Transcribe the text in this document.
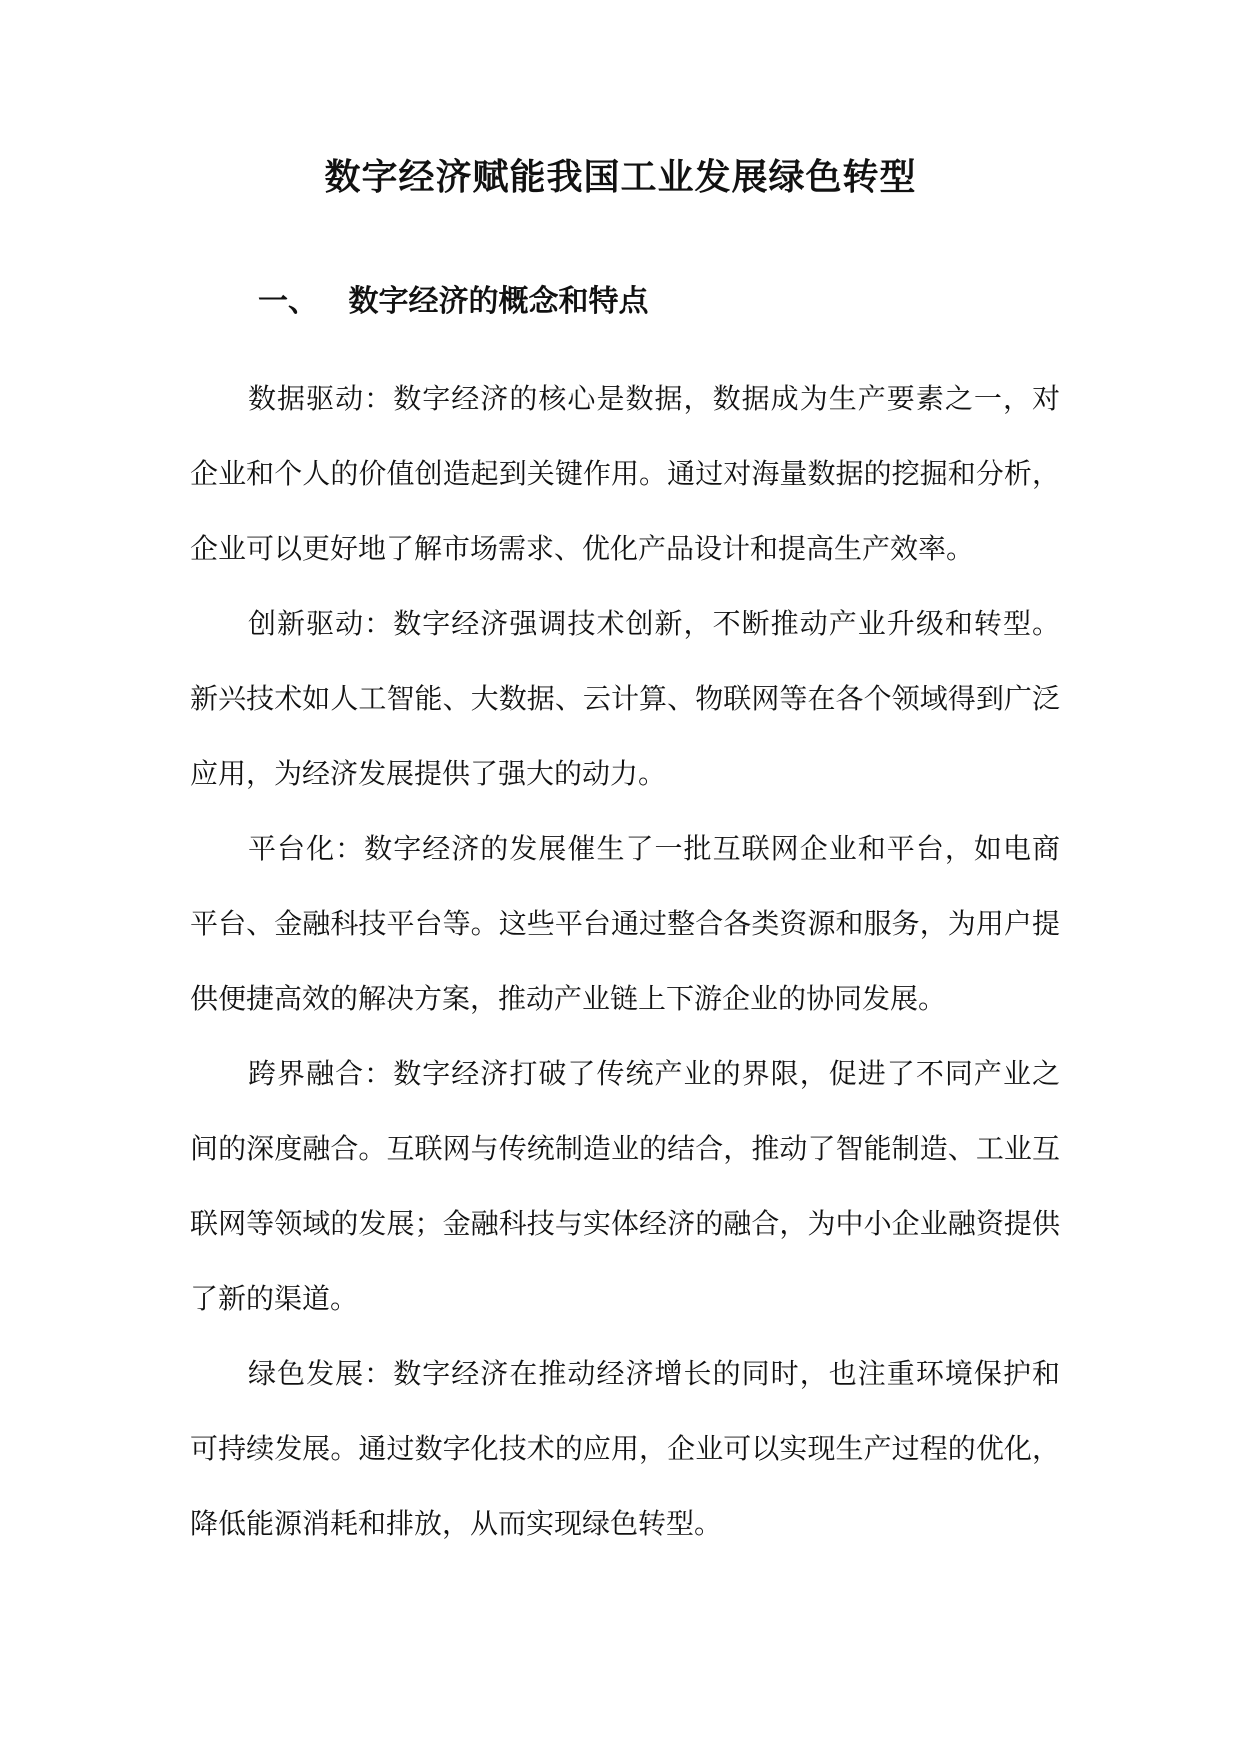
数字经济赋能我国工业发展绿色转型
一、 数字经济的概念和特点

数据驱动：数字经济的核心是数据，数据成为生产要素之一，对企业和个人的价值创造起到关键作用。通过对海量数据的挖掘和分析，企业可以更好地了解市场需求、优化产品设计和提高生产效率。

创新驱动：数字经济强调技术创新，不断推动产业升级和转型。新兴技术如人工智能、大数据、云计算、物联网等在各个领域得到广泛应用，为经济发展提供了强大的动力。

平台化：数字经济的发展催生了一批互联网企业和平台，如电商平台、金融科技平台等。这些平台通过整合各类资源和服务，为用户提供便捷高效的解决方案，推动产业链上下游企业的协同发展。

跨界融合：数字经济打破了传统产业的界限，促进了不同产业之间的深度融合。互联网与传统制造业的结合，推动了智能制造、工业互联网等领域的发展；金融科技与实体经济的融合，为中小企业融资提供了新的渠道。

绿色发展：数字经济在推动经济增长的同时，也注重环境保护和可持续发展。通过数字化技术的应用，企业可以实现生产过程的优化，降低能源消耗和排放，从而实现绿色转型。
